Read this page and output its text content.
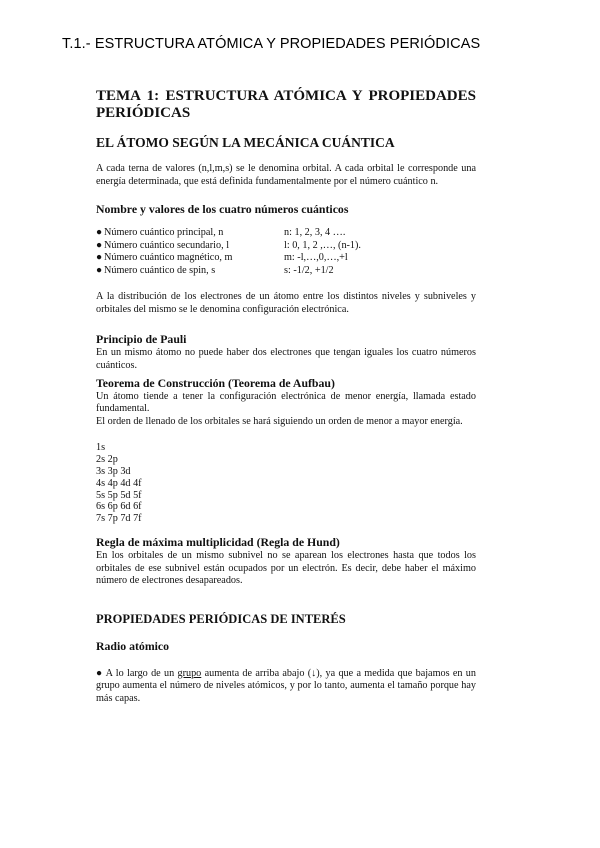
T.1.- ESTRUCTURA ATÓMICA Y PROPIEDADES PERIÓDICAS
TEMA 1: ESTRUCTURA ATÓMICA Y PROPIEDADES PERIÓDICAS
EL ÁTOMO SEGÚN LA MECÁNICA CUÁNTICA

A cada terna de valores (n,l,m,s) se le denomina orbital. A cada orbital le corresponde una energía determinada, que está definida fundamentalmente por el número cuántico n.

Nombre y valores de los cuatro números cuánticos
● Número cuántico principal, n	n: 1, 2, 3, 4 ….
● Número cuántico secundario, l	l: 0, 1, 2 ,…, (n-1).
● Número cuántico magnético, m	m: -l,…,0,…,+l
● Número cuántico de spin, s	s: -1/2, +1/2

A la distribución de los electrones de un átomo entre los distintos niveles y subniveles y orbitales del mismo se le denomina configuración electrónica.

Principio de Pauli

En un mismo átomo no puede haber dos electrones que tengan iguales los cuatro números cuánticos.

Teorema de Construcción (Teorema de Aufbau)

Un átomo tiende a tener la configuración electrónica de menor energía, llamada estado fundamental.

El orden de llenado de los orbitales se hará siguiendo un orden de menor a mayor energía.

1s
2s 2p
3s 3p 3d
4s 4p 4d 4f
5s 5p 5d 5f
6s 6p 6d 6f
7s 7p 7d 7f
Regla de máxima multiplicidad (Regla de Hund)

En los orbitales de un mismo subnivel no se aparean los electrones hasta que todos los orbitales de ese subnivel están ocupados por un electrón. Es decir, debe haber el máximo número de electrones desapareados.

PROPIEDADES PERIÓDICAS DE INTERÉS
Radio atómico

● A lo largo de un grupo aumenta de arriba abajo (↓), ya que a medida que bajamos en un grupo aumenta el número de niveles atómicos, y por lo tanto, aumenta el tamaño porque hay más capas.
